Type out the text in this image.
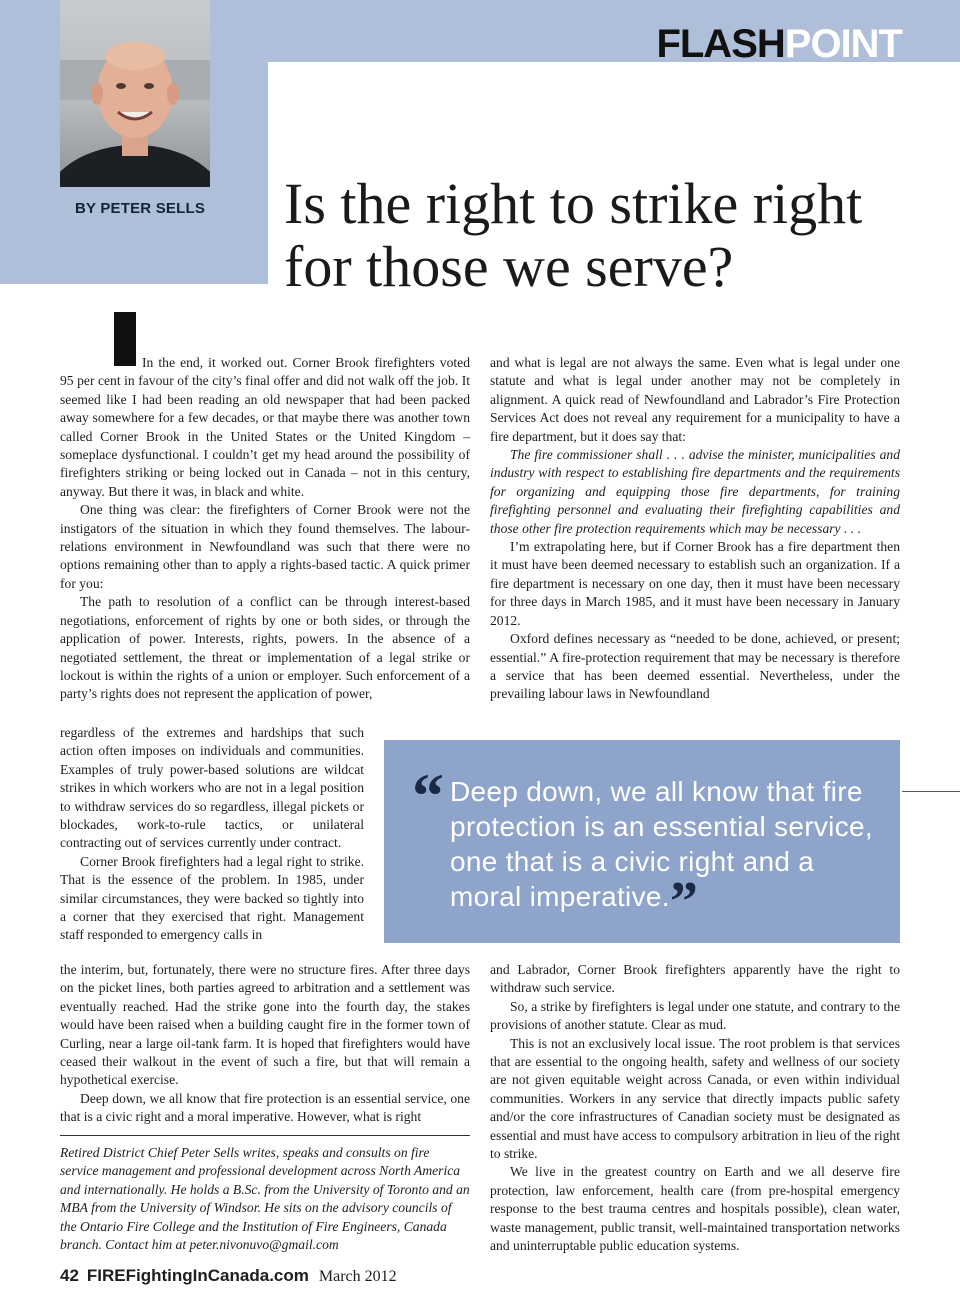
FLASHPOINT
BY PETER SELLS Is the right to strike right for those we serve?

In the end, it worked out. Corner Brook firefighters voted 95 per cent in favour of the city’s final offer and did not walk off the job. It seemed like I had been reading an old newspaper that had been packed away somewhere for a few decades, or that maybe there was another town called Corner Brook in the United States or the United Kingdom – someplace dysfunctional. I couldn’t get my head around the possibility of firefighters striking or being locked out in Canada – not in this century, anyway. But there it was, in black and white.

One thing was clear: the firefighters of Corner Brook were not the instigators of the situation in which they found themselves. The labour-relations environment in Newfoundland was such that there were no options remaining other than to apply a rights-based tactic. A quick primer for you:

The path to resolution of a conflict can be through interest-based negotiations, enforcement of rights by one or both sides, or through the application of power. Interests, rights, powers. In the absence of a negotiated settlement, the threat or implementation of a legal strike or lockout is within the rights of a union or employer. Such enforcement of a party’s rights does not represent the application of power,

regardless of the extremes and hardships that such action often imposes on individuals and communities. Examples of truly power-based solutions are wildcat strikes in which workers who are not in a legal position to withdraw services do so regardless, illegal pickets or blockades, work-to-rule tactics, or unilateral contracting out of services currently under contract.

Corner Brook firefighters had a legal right to strike. That is the essence of the problem. In 1985, under similar circumstances, they were backed so tightly into a corner that they exercised that right. Management staff responded to emergency calls in

the interim, but, fortunately, there were no structure fires. After three days on the picket lines, both parties agreed to arbitration and a settlement was eventually reached. Had the strike gone into the fourth day, the stakes would have been raised when a building caught fire in the former town of Curling, near a large oil-tank farm. It is hoped that firefighters would have ceased their walkout in the event of such a fire, but that will remain a hypothetical exercise.

Deep down, we all know that fire protection is an essential service, one that is a civic right and a moral imperative. However, what is right

and what is legal are not always the same. Even what is legal under one statute and what is legal under another may not be completely in alignment. A quick read of Newfoundland and Labrador’s Fire Protection Services Act does not reveal any requirement for a municipality to have a fire department, but it does say that:

The fire commissioner shall . . . advise the minister, municipalities and industry with respect to establishing fire departments and the requirements for organizing and equipping those fire departments, for training firefighting personnel and evaluating their firefighting capabilities and those other fire protection requirements which may be necessary . . .

I’m extrapolating here, but if Corner Brook has a fire department then it must have been deemed necessary to establish such an organization. If a fire department is necessary on one day, then it must have been necessary for three days in March 1985, and it must have been necessary in January 2012.

Oxford defines necessary as “needed to be done, achieved, or present; essential.” A fire-protection requirement that may be necessary is therefore a service that has been deemed essential. Nevertheless, under the prevailing labour laws in Newfoundland

“ Deep down, we all know that fire protection is an essential service, one that is a civic right and a moral imperative.”

and Labrador, Corner Brook firefighters apparently have the right to withdraw such service.

So, a strike by firefighters is legal under one statute, and contrary to the provisions of another statute. Clear as mud.

This is not an exclusively local issue. The root problem is that services that are essential to the ongoing health, safety and wellness of our society are not given equitable weight across Canada, or even within individual communities. Workers in any service that directly impacts public safety and/or the core infrastructures of Canadian society must be designated as essential and must have access to compulsory arbitration in lieu of the right to strike.

We live in the greatest country on Earth and we all deserve fire protection, law enforcement, health care (from pre-hospital emergency response to the best trauma centres and hospitals possible), clean water, waste management, public transit, well-maintained transportation networks and uninterruptable public education systems.

Retired District Chief Peter Sells writes, speaks and consults on fire service management and professional development across North America and internationally. He holds a B.Sc. from the University of Toronto and an MBA from the University of Windsor. He sits on the advisory councils of the Ontario Fire College and the Institution of Fire Engineers, Canada branch. Contact him at peter.nivonuvo@gmail.com
42 FIREFightingInCanada.com March 2012
